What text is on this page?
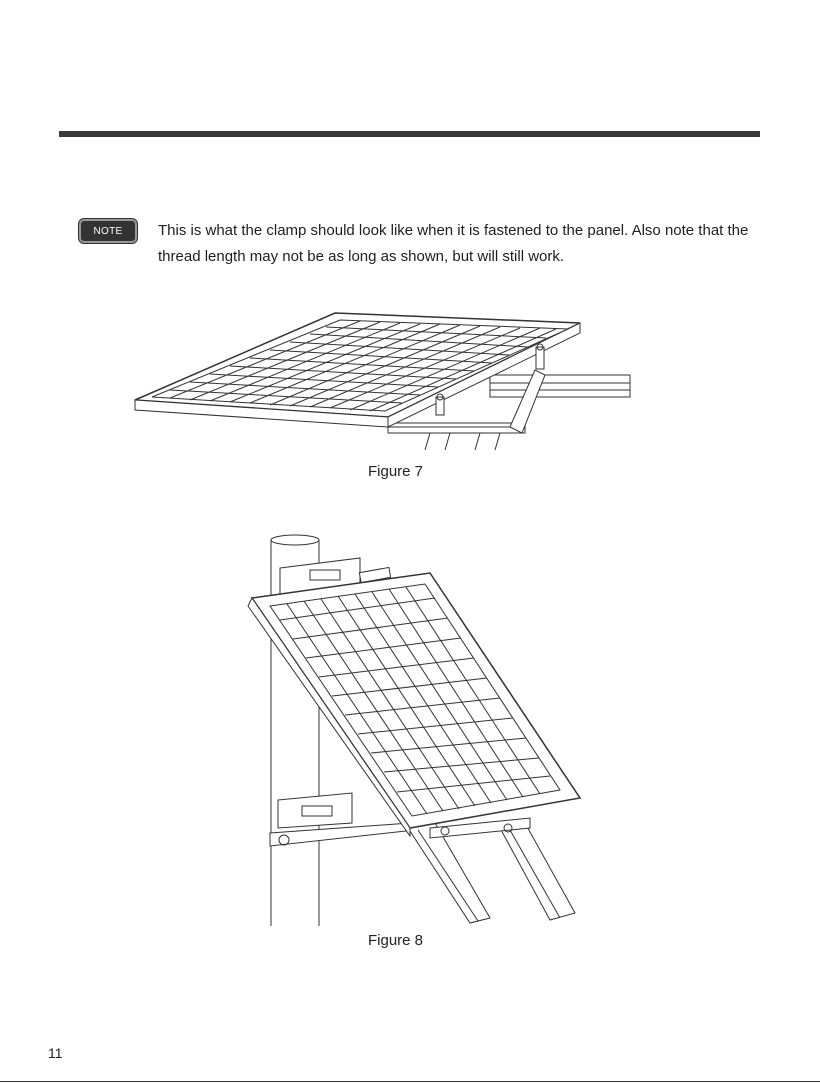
NOTE	This is what the clamp should look like when it is fastened to the panel. Also note that the thread length may not be as long as shown, but will still work.
Figure 7
Figure 8
11
